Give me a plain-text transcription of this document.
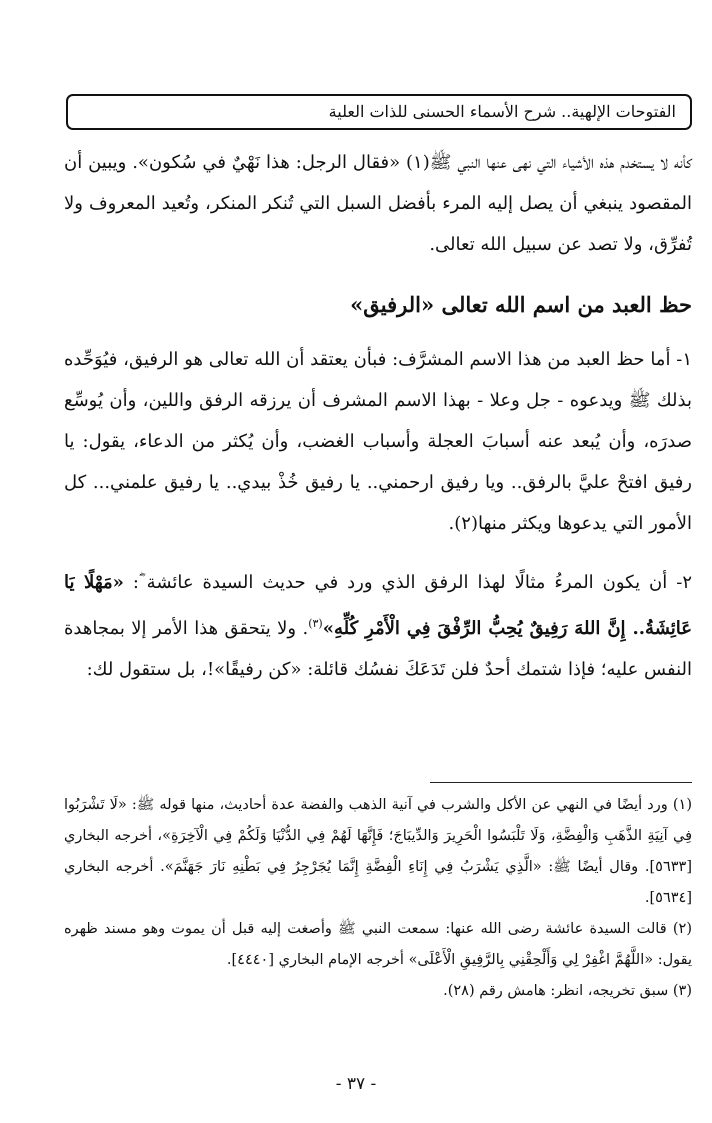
الفتوحات الإلهية.. شرح الأسماء الحسنى للذات العلية

كأنه لا يستخدم هذه الأشياء التي نهى عنها النبي ﷺ(١) «فقال الرجل: هذا نَهْيٌ في سُكون». ويبين أن المقصود ينبغي أن يصل إليه المرء بأفضل السبل التي تُنكر المنكر، وتُعيد المعروف ولا تُفرِّق، ولا تصد عن سبيل الله تعالى.

حظ العبد من اسم الله تعالى «الرفيق»

١- أما حظ العبد من هذا الاسم المشرَّف: فبأن يعتقد أن الله تعالى هو الرفيق، فيُوَحِّده بذلك ﷺ ويدعوه - جل وعلا - بهذا الاسم المشرف أن يرزقه الرفق واللين، وأن يُوسِّع صدرَه، وأن يُبعد عنه أسبابَ العجلة وأسباب الغضب، وأن يُكثر من الدعاء، يقول: يا رفيق افتحْ عليَّ بالرفق.. ويا رفيق ارحمني.. يا رفيق خُذْ بيدي.. يا رفيق علمني... كل الأمور التي يدعوها ويكثر منها(٢).

٢- أن يكون المرءُ مثالًا لهذا الرفق الذي ورد في حديث السيدة عائشة ؓ: «مَهْلًا يَا عَائِشَةُ.. إِنَّ اللهَ رَفِيقٌ يُحِبُّ الرِّفْقَ فِي الْأَمْرِ كُلِّهِ»$^{(٣)}$. ولا يتحقق هذا الأمر إلا بمجاهدة النفس عليه؛ فإذا شتمك أحدٌ فلن تَدَعَكَ نفسُك قائلة: «كن رفيقًا»!، بل ستقول لك:

(١) ورد أيضًا في النهي عن الأكل والشرب في آنية الذهب والفضة عدة أحاديث، منها قوله ﷺ: «لَا تَشْرَبُوا فِي آنِيَةِ الذَّهَبِ وَالْفِضَّةِ، وَلَا تَلْبَسُوا الْحَرِيرَ وَالدِّيبَاجَ؛ فَإِنَّهَا لَهُمْ فِي الدُّنْيَا وَلَكُمْ فِي الْآخِرَةِ»، أخرجه البخاري [٥٦٣٣]. وقال أيضًا ﷺ: «الَّذِي يَشْرَبُ فِي إِنَاءِ الْفِضَّةِ إِنَّمَا يُجَرْجِرُ فِي بَطْنِهِ نَارَ جَهَنَّمَ». أخرجه البخاري [٥٦٣٤].

(٢) قالت السيدة عائشة رضى الله عنها: سمعت النبي ﷺ وأصغت إليه قبل أن يموت وهو مسند ظهره يقول: «اللَّهُمَّ اغْفِرْ لِي وَأَلْحِقْنِي بِالرَّفِيقِ الْأَعْلَى» أخرجه الإمام البخاري [٤٤٤٠].

(٣) سبق تخريجه، انظر: هامش رقم (٢٨).

- ٣٧ -
